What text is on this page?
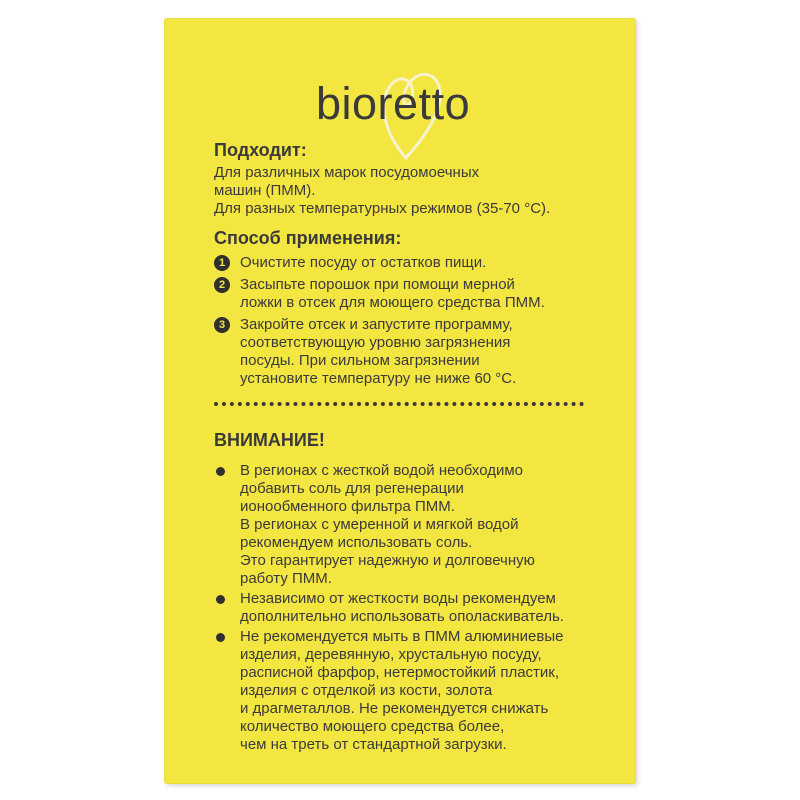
bioretto
Подходит:

Для различных марок посудомоечных

машин (ПММ).

Для разных температурных режимов (35-70 °С).

Способ применения:
1 Очистите посуду от остатков пищи.

2 Засыпьте порошок при помощи мерной

ложки в отсек для моющего средства ПММ.

3 Закройте отсек и запустите программу,

соответствующую уровню загрязнения

посуды. При сильном загрязнении

установите температуру не ниже 60 °С.

ВНИМАНИЕ!

В регионах с жесткой водой необходимо

добавить соль для регенерации

ионообменного фильтра ПММ.

В регионах с умеренной и мягкой водой

рекомендуем использовать соль.

Это гарантирует надежную и долговечную

работу ПММ.

Независимо от жесткости воды рекомендуем

дополнительно использовать ополаскиватель.

Не рекомендуется мыть в ПММ алюминиевые

изделия, деревянную, хрустальную посуду,

расписной фарфор, нетермостойкий пластик,

изделия с отделкой из кости, золота

и драгметаллов. Не рекомендуется снижать

количество моющего средства более,

чем на треть от стандартной загрузки.
